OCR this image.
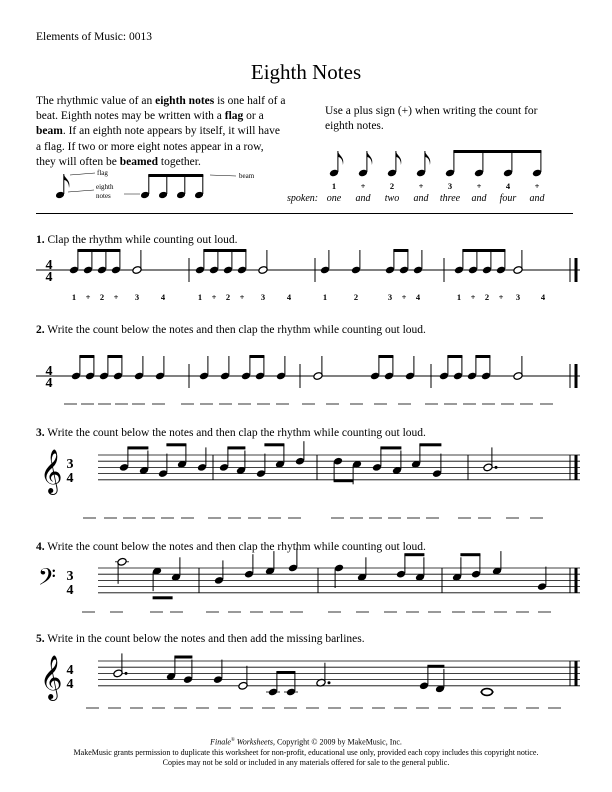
Elements of Music: 0013
Eighth Notes
The rhythmic value of an eighth notes is one half of a beat. Eighth notes may be written with a flag or a beam. If an eighth note appears by itself, it will have a flag. If two or more eight notes appear in a row, they will often be beamed together.
Use a plus sign (+) when writing the count for eighth notes.
flag
eighth
notes
beam
1	+	2	+	3	+	4	+
spoken: one and two and three and four and
1. Clap the rhythm while counting out loud.
2. Write the count below the notes and then clap the rhythm while counting out loud.
3. Write the count below the notes and then clap the rhythm while counting out loud.
4. Write the count below the notes and then clap the rhythm while counting out loud.
5. Write in the count below the notes and then add the missing barlines.
4
4
1 + 2 + 3	4	1 + 2 + 3	4	1	2	3 + 4	1 + 2 + 3 4
4
4
𝄞 3
4
𝄢 3
4
𝄞 4
4
Finale® Worksheets, Copyright © 2009 by MakeMusic, Inc.
MakeMusic grants permission to duplicate this worksheet for non-profit, educational use only, provided each copy includes this copyright notice.
Copies may not be sold or included in any materials offered for sale to the general public.
